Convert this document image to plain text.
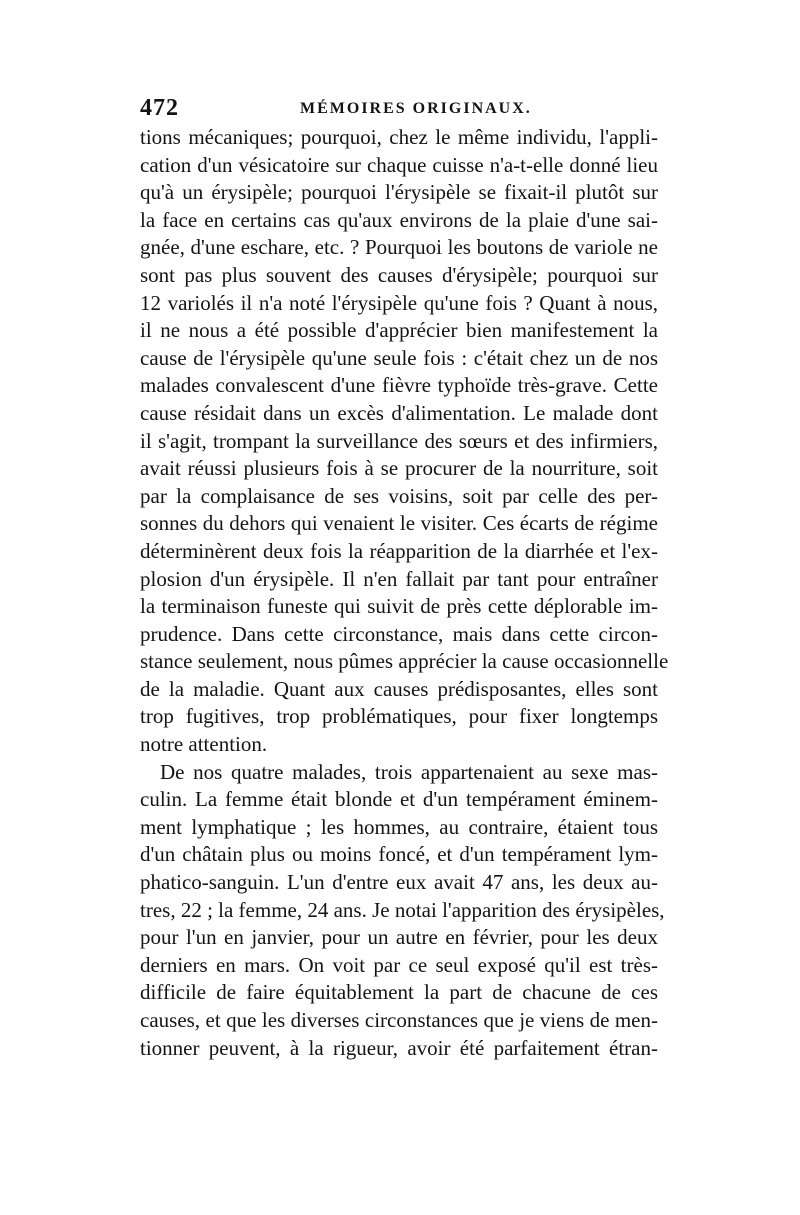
472	MÉMOIRES ORIGINAUX.
tions mécaniques; pourquoi, chez le même individu, l'appli-
cation d'un vésicatoire sur chaque cuisse n'a-t-elle donné lieu
qu'à un érysipèle; pourquoi l'érysipèle se fixait-il plutôt sur
la face en certains cas qu'aux environs de la plaie d'une sai-
gnée, d'une eschare, etc. ? Pourquoi les boutons de variole ne
sont pas plus souvent des causes d'érysipèle; pourquoi sur
12 variolés il n'a noté l'érysipèle qu'une fois ? Quant à nous,
il ne nous a été possible d'apprécier bien manifestement la
cause de l'érysipèle qu'une seule fois : c'était chez un de nos
malades convalescent d'une fièvre typhoïde très-grave. Cette
cause résidait dans un excès d'alimentation. Le malade dont
il s'agit, trompant la surveillance des sœurs et des infirmiers,
avait réussi plusieurs fois à se procurer de la nourriture, soit
par la complaisance de ses voisins, soit par celle des per-
sonnes du dehors qui venaient le visiter. Ces écarts de régime
déterminèrent deux fois la réapparition de la diarrhée et l'ex-
plosion d'un érysipèle. Il n'en fallait par tant pour entraîner
la terminaison funeste qui suivit de près cette déplorable im-
prudence. Dans cette circonstance, mais dans cette circon-
stance seulement, nous pûmes apprécier la cause occasionnelle
de la maladie. Quant aux causes prédisposantes, elles sont
trop fugitives, trop problématiques, pour fixer longtemps
notre attention.
De nos quatre malades, trois appartenaient au sexe mas-
culin. La femme était blonde et d'un tempérament éminem-
ment lymphatique ; les hommes, au contraire, étaient tous
d'un châtain plus ou moins foncé, et d'un tempérament lym-
phatico-sanguin. L'un d'entre eux avait 47 ans, les deux au-
tres, 22 ; la femme, 24 ans. Je notai l'apparition des érysipèles,
pour l'un en janvier, pour un autre en février, pour les deux
derniers en mars. On voit par ce seul exposé qu'il est très-
difficile de faire équitablement la part de chacune de ces
causes, et que les diverses circonstances que je viens de men-
tionner peuvent, à la rigueur, avoir été parfaitement étran-
